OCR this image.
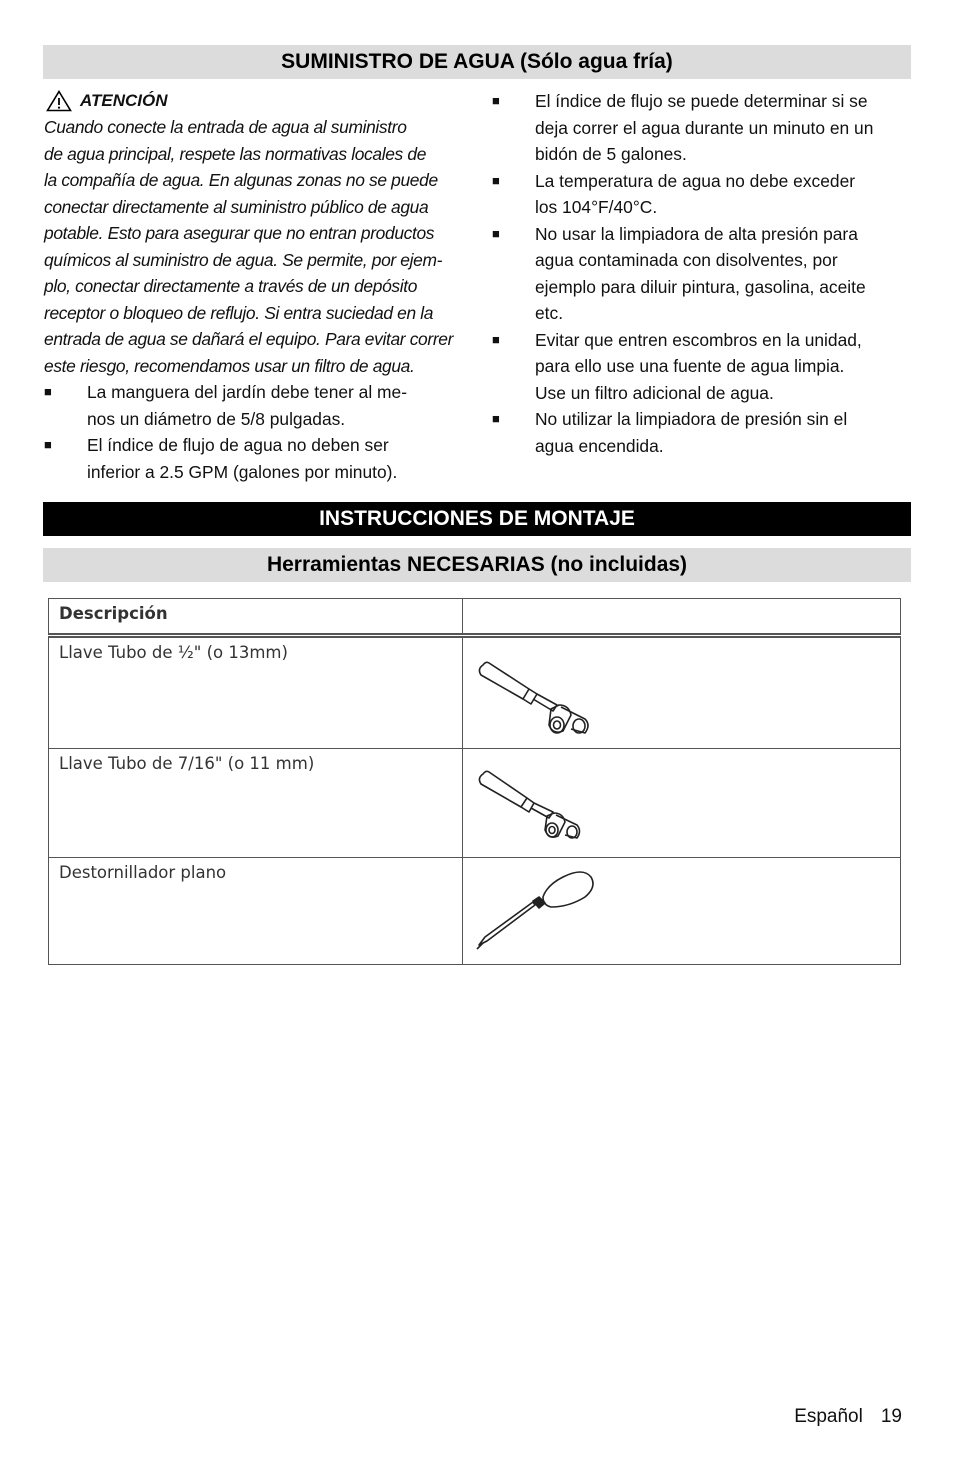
SUMINISTRO DE AGUA (Sólo agua fría)
ATENCIÓN
Cuando conecte la entrada de agua al suministro
de agua principal, respete las normativas locales de
la compañía de agua. En algunas zonas no se puede
conectar directamente al suministro público de agua
potable. Esto para asegurar que no entran productos
químicos al suministro de agua. Se permite, por ejem-
plo, conectar directamente a través de un depósito
receptor o bloqueo de reflujo. Si entra suciedad en la
entrada de agua se dañará el equipo. Para evitar correr
este riesgo, recomendamos usar un filtro de agua.
■	La manguera del jardín debe tener al me-
nos un diámetro de 5/8 pulgadas.
■	El índice de flujo de agua no deben ser
inferior a 2.5 GPM (galones por minuto).
■	El índice de flujo se puede determinar si se
deja correr el agua durante un minuto en un
bidón de 5 galones.
■	La temperatura de agua no debe exceder
los 104°F/40°C.
■	No usar la limpiadora de alta presión para
agua contaminada con disolventes, por
ejemplo para diluir pintura, gasolina, aceite
etc.
■	Evitar que entren escombros en la unidad,
para ello use una fuente de agua limpia.
Use un filtro adicional de agua.
■	No utilizar la limpiadora de presión sin el
agua encendida.
INSTRUCCIONES DE MONTAJE
Herramientas NECESARIAS (no incluidas)
Descripción	
Llave Tubo de ½" (o 13mm)	

Llave Tubo de 7/16" (o 11 mm)	

Destornillador plano	
Español 19
